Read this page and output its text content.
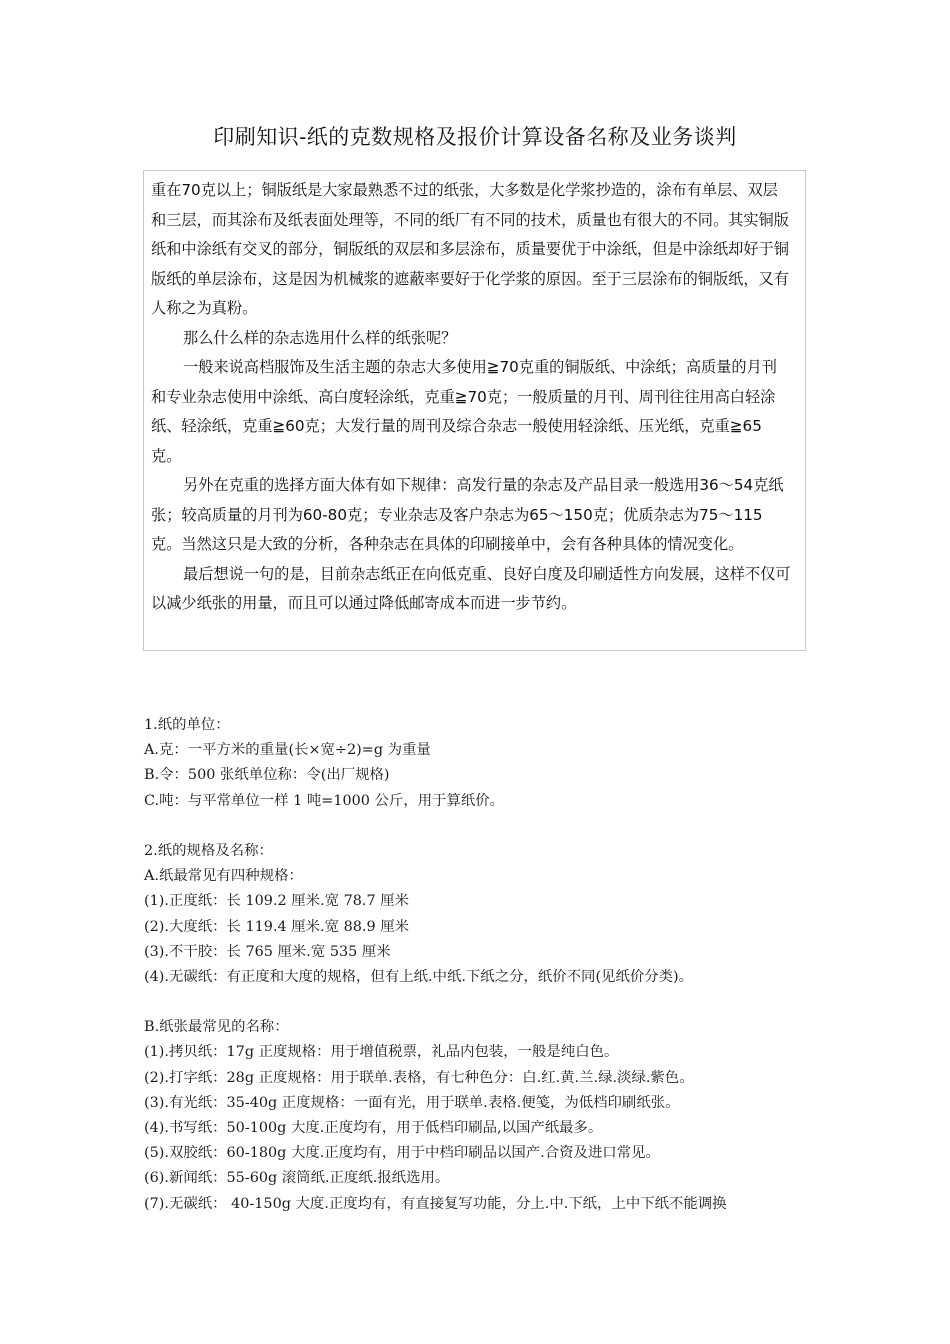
印刷知识-纸的克数规格及报价计算设备名称及业务谈判

重在70克以上；铜版纸是大家最熟悉不过的纸张，大多数是化学浆抄造的，涂布有单层、双层和三层，而其涂布及纸表面处理等，不同的纸厂有不同的技术，质量也有很大的不同。其实铜版纸和中涂纸有交叉的部分，铜版纸的双层和多层涂布，质量要优于中涂纸，但是中涂纸却好于铜版纸的单层涂布，这是因为机械浆的遮蔽率要好于化学浆的原因。至于三层涂布的铜版纸，又有人称之为真粉。

那么什么样的杂志选用什么样的纸张呢？

一般来说高档服饰及生活主题的杂志大多使用≧70克重的铜版纸、中涂纸；高质量的月刊和专业杂志使用中涂纸、高白度轻涂纸，克重≧70克；一般质量的月刊、周刊往往用高白轻涂纸、轻涂纸，克重≧60克；大发行量的周刊及综合杂志一般使用轻涂纸、压光纸，克重≧65克。

另外在克重的选择方面大体有如下规律：高发行量的杂志及产品目录一般选用36～54克纸张；较高质量的月刊为60-80克；专业杂志及客户杂志为65～150克；优质杂志为75～115克。当然这只是大致的分析，各种杂志在具体的印刷接单中，会有各种具体的情况变化。

最后想说一句的是，目前杂志纸正在向低克重、良好白度及印刷适性方向发展，这样不仅可以减少纸张的用量，而且可以通过降低邮寄成本而进一步节约。

1.纸的单位：
A.克：一平方米的重量(长×宽÷2)=g 为重量
B.令：500 张纸单位称：令(出厂规格)
C.吨：与平常单位一样 1 吨=1000 公斤，用于算纸价。
2.纸的规格及名称：
A.纸最常见有四种规格：
(1).正度纸：长 109.2 厘米.宽 78.7 厘米
(2).大度纸：长 119.4 厘米.宽 88.9 厘米
(3).不干胶：长 765 厘米.宽 535 厘米
(4).无碳纸：有正度和大度的规格，但有上纸.中纸.下纸之分，纸价不同(见纸价分类)。
B.纸张最常见的名称：
(1).拷贝纸：17g 正度规格：用于增值税票，礼品内包装，一般是纯白色。
(2).打字纸：28g 正度规格：用于联单.表格，有七种色分：白.红.黄.兰.绿.淡绿.紫色。
(3).有光纸：35-40g 正度规格：一面有光，用于联单.表格.便笺，为低档印刷纸张。
(4).书写纸：50-100g 大度.正度均有，用于低档印刷品,以国产纸最多。
(5).双胶纸：60-180g 大度.正度均有，用于中档印刷品以国产.合资及进口常见。
(6).新闻纸：55-60g 滚筒纸.正度纸.报纸选用。
(7).无碳纸： 40-150g 大度.正度均有，有直接复写功能，分上.中.下纸，上中下纸不能调换
